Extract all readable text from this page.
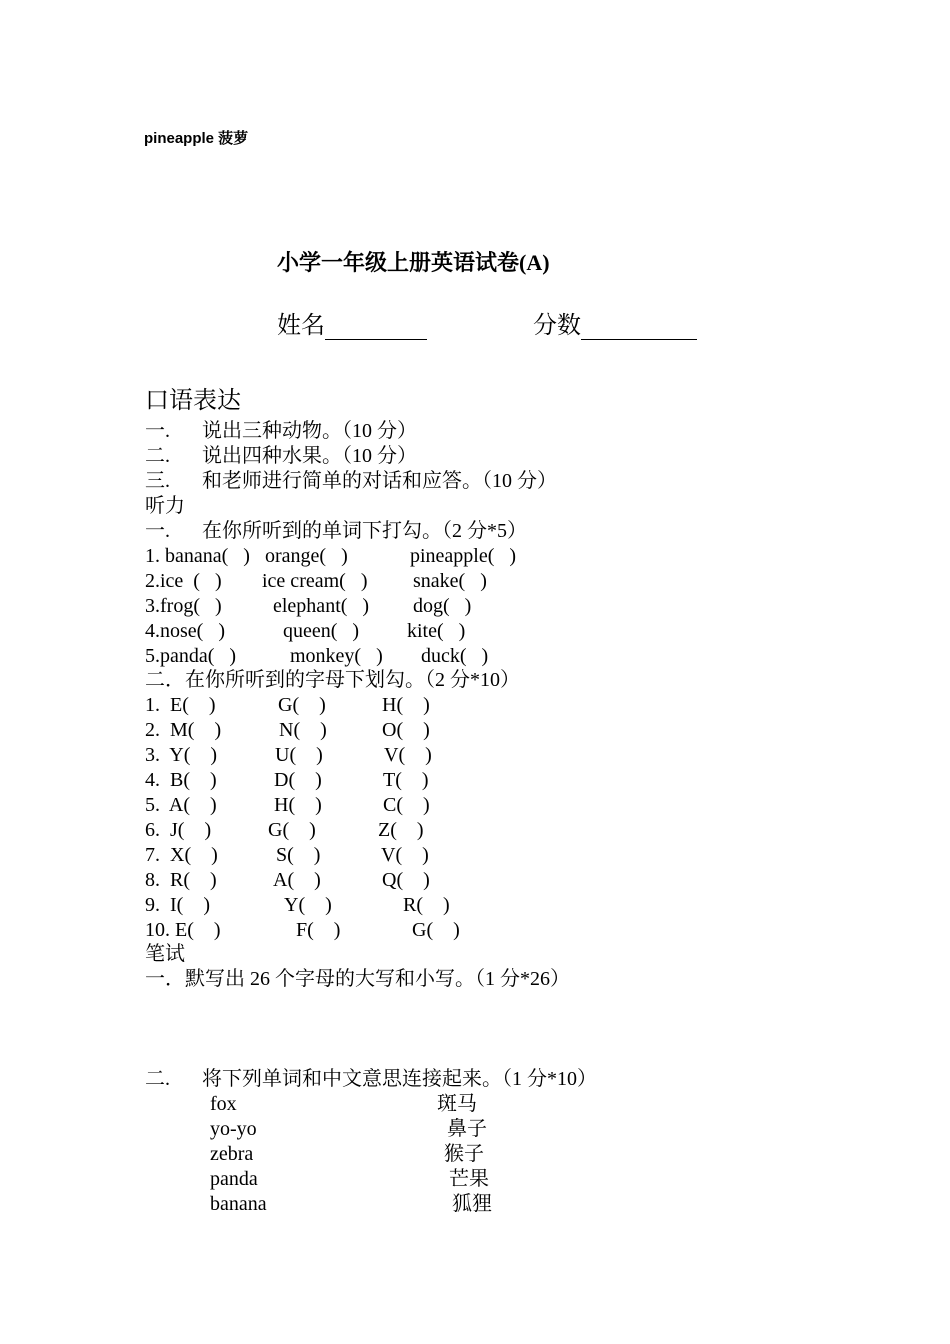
pineapple 菠萝
小学一年级上册英语试卷(A)
姓名	分数
口语表达
一. 说出三种动物。（10 分）
二. 说出四种水果。（10 分）
三. 和老师进行简单的对话和应答。（10 分）
听力
一. 在你所听到的单词下打勾。（2 分*5）
1. banana(   ) orange(   )	pineapple(   )
2.ice  (   ) ice cream(   ) snake(   )
3.frog(   )	elephant(   ) dog(   )
4.nose(   )	queen(   ) kite(   )
5.panda(   )	monkey(   ) duck(   )
二．在你所听到的字母下划勾。（2 分*10）
1.  E(    )	G(    )	H(    )
2.  M(    )	N(    )	O(    )
3.  Y(    )	U(    )	V(    )
4.  B(    )	D(    )	T(    )
5.  A(    )	H(    )	C(    )
6.  J(    )	G(    )	Z(    )
7.  X(    )	S(    )	V(    )
8.  R(    )	A(    )	Q(    )
9.  I(    )	Y(    )	R(    )
10. E(    )	F(    )	G(    )
笔试
一．默写出 26 个字母的大写和小写。（1 分*26）
二. 将下列单词和中文意思连接起来。（1 分*10）
fox	斑马
yo-yo	鼻子
zebra	猴子
panda	芒果
banana	狐狸
